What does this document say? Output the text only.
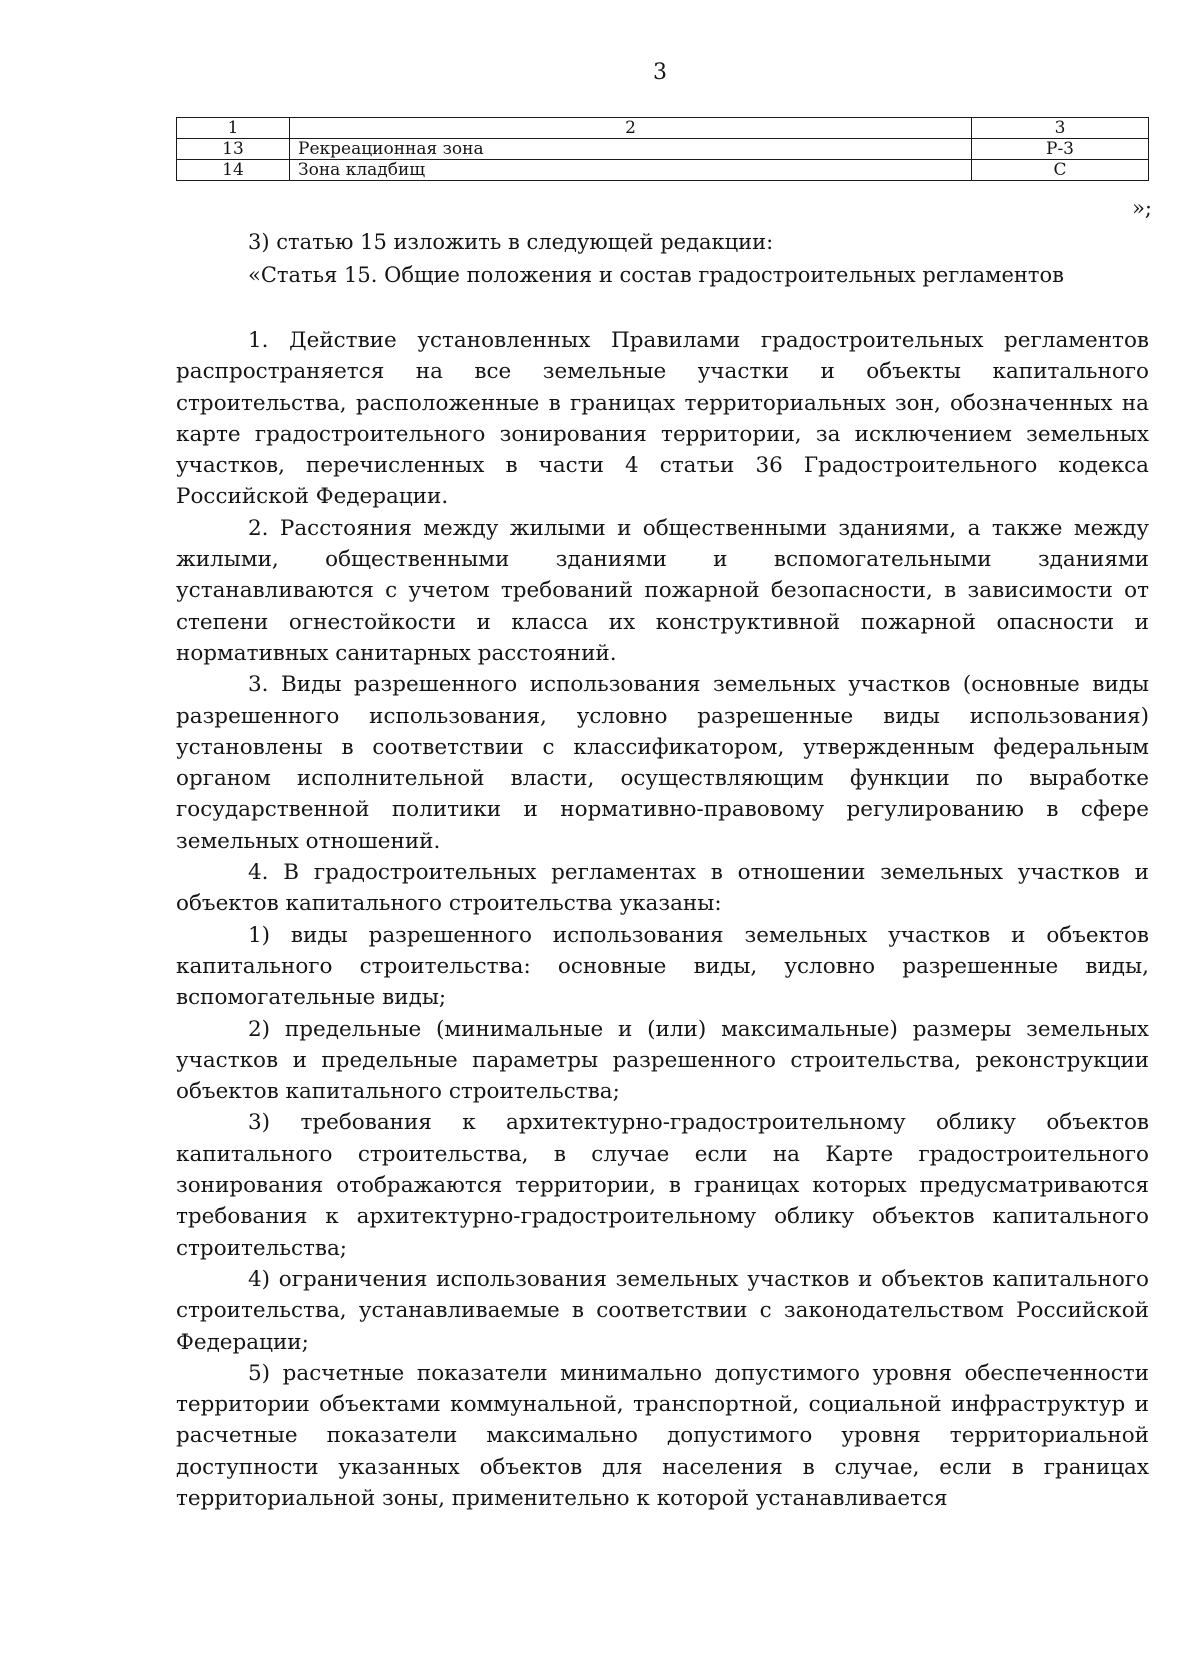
3
1	2	3
13	Рекреационная зона	Р-3
14	Зона кладбищ	С
»;
3) статью 15 изложить в следующей редакции:
«Статья 15. Общие положения и состав градостроительных регламентов

1. Действие установленных Правилами градостроительных регламентов распространяется на все земельные участки и объекты капитального строительства, расположенные в границах территориальных зон, обозначенных на карте градостроительного зонирования территории, за исключением земельных участков, перечисленных в части 4 статьи 36 Градостроительного кодекса Российской Федерации.

2. Расстояния между жилыми и общественными зданиями, а также между жилыми, общественными зданиями и вспомогательными зданиями устанавливаются с учетом требований пожарной безопасности, в зависимости от степени огнестойкости и класса их конструктивной пожарной опасности и нормативных санитарных расстояний.

3. Виды разрешенного использования земельных участков (основные виды разрешенного использования, условно разрешенные виды использования) установлены в соответствии с классификатором, утвержденным федеральным органом исполнительной власти, осуществляющим функции по выработке государственной политики и нормативно-правовому регулированию в сфере земельных отношений.

4. В градостроительных регламентах в отношении земельных участков и объектов капитального строительства указаны:

1) виды разрешенного использования земельных участков и объектов капитального строительства: основные виды, условно разрешенные виды, вспомогательные виды;

2) предельные (минимальные и (или) максимальные) размеры земельных участков и предельные параметры разрешенного строительства, реконструкции объектов капитального строительства;

3) требования к архитектурно-градостроительному облику объектов капитального строительства, в случае если на Карте градостроительного зонирования отображаются территории, в границах которых предусматриваются требования к архитектурно-градостроительному облику объектов капитального строительства;

4) ограничения использования земельных участков и объектов капитального строительства, устанавливаемые в соответствии с законодательством Российской Федерации;

5) расчетные показатели минимально допустимого уровня обеспеченности территории объектами коммунальной, транспортной, социальной инфраструктур и расчетные показатели максимально допустимого уровня территориальной доступности указанных объектов для населения в случае, если в границах территориальной зоны, применительно к которой устанавливается
